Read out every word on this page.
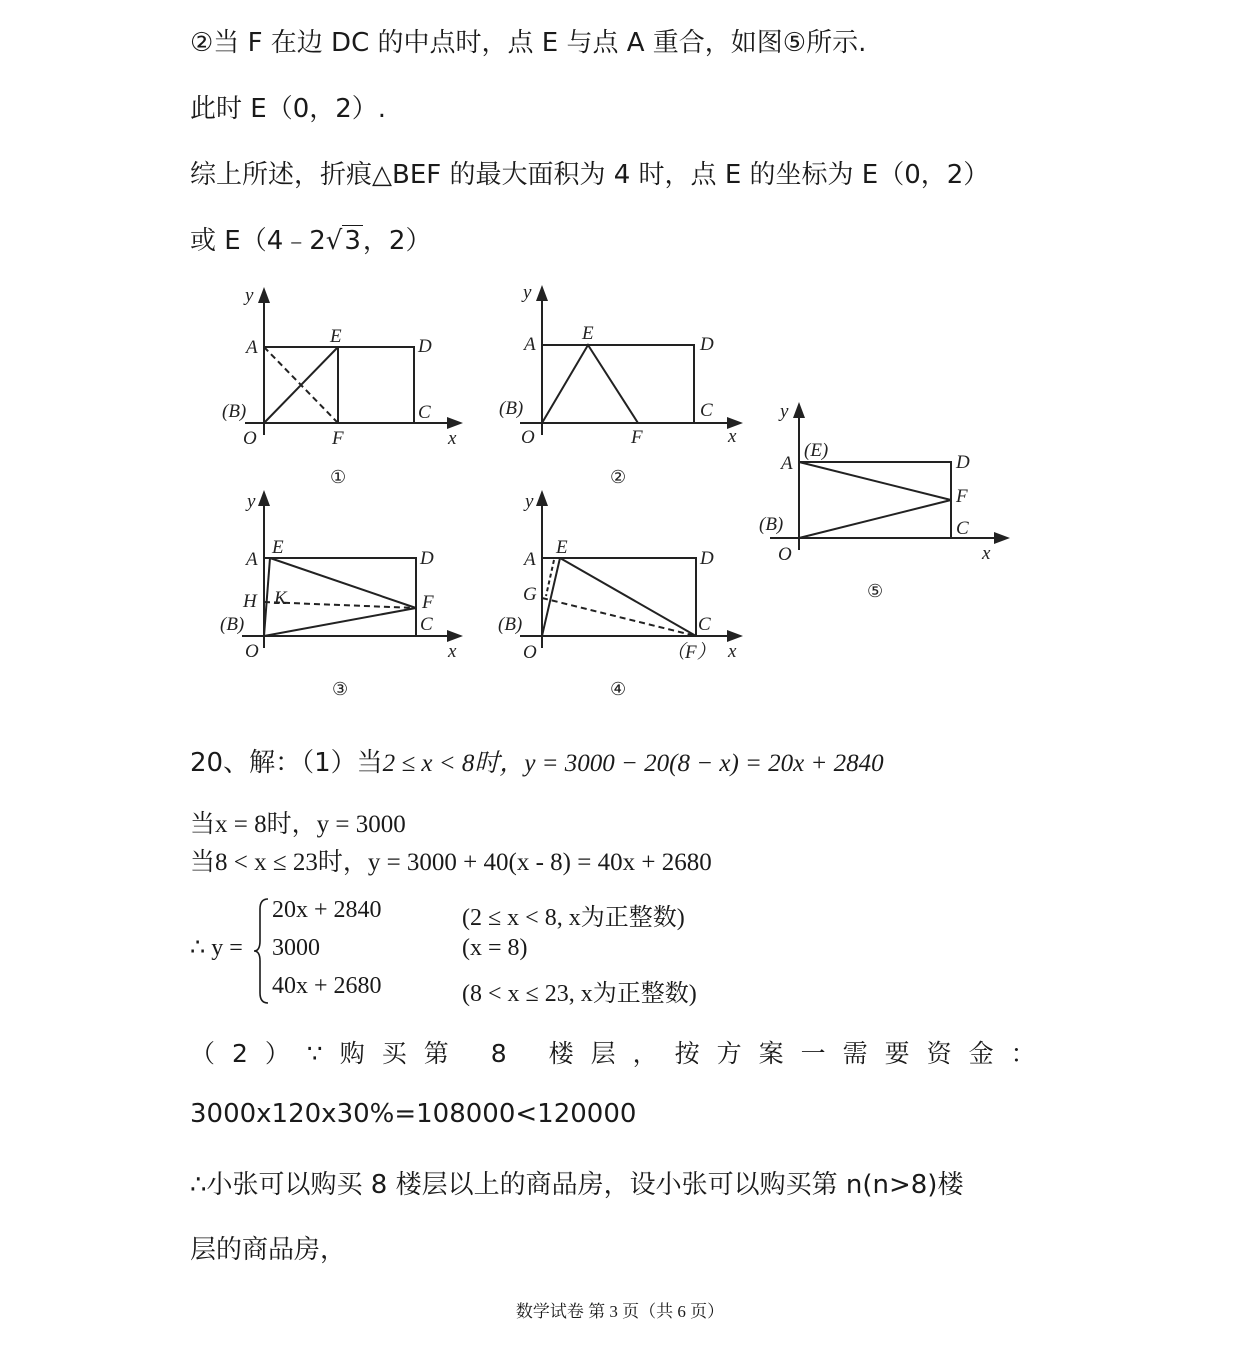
②当 F 在边 DC 的中点时，点 E 与点 A 重合，如图⑤所示.
此时 E（0，2）.
综上所述，折痕△BEF 的最大面积为 4 时，点 E 的坐标为 E（0，2）
或 E（4﹣2√3，2）
y
A
E	D
(B)	C
O	F	x
①
y
A
E
D
(B)	C
O	F	x
②
y
A
E
D
H K	F
(B)	C
O	x
③
y
A
E
D
G
(B)	C
O	（F） x
④
y
A
(E)
D
F
(B)	C
O	x
⑤
20、解：（1）当2 ≤ x < 8时，y = 3000 − 20(8 − x) = 20x + 2840
当x = 8时，y = 3000
当8 < x ≤ 23时，y = 3000 + 40(x - 8) = 40x + 2680
∴ y =
20x + 2840	(2 ≤ x < 8, x为正整数)
3000	(x = 8)
40x + 2680	(8 < x ≤ 23, x为正整数)
（2）∵购买第 8 楼层，按方案一需要资金：
3000x120x30%=108000<120000
∴小张可以购买 8 楼层以上的商品房，设小张可以购买第 n(n>8)楼
层的商品房，
数学试卷 第 3 页（共 6 页）
